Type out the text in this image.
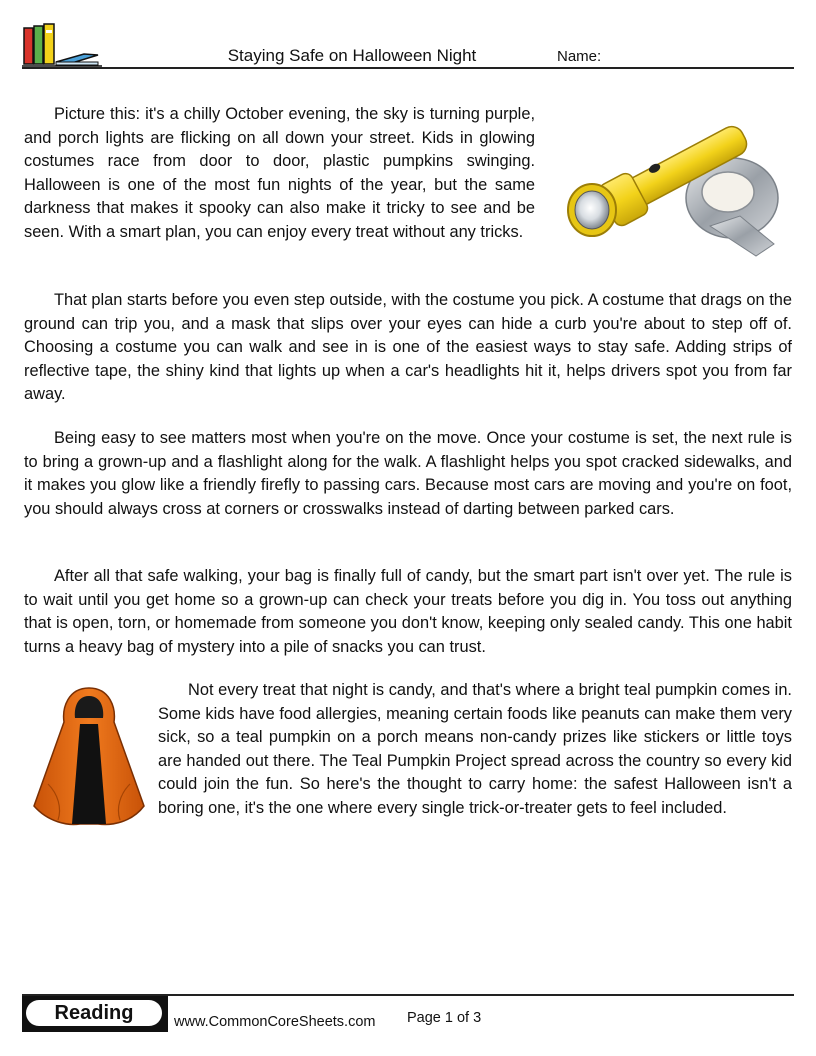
Staying Safe on Halloween Night	Name:

Picture this: it's a chilly October evening, the sky is turning purple, and porch lights are flicking on all down your street. Kids in glowing costumes race from door to door, plastic pumpkins swinging. Halloween is one of the most fun nights of the year, but the same darkness that makes it spooky can also make it tricky to see and be seen. With a smart plan, you can enjoy every treat without any tricks.

That plan starts before you even step outside, with the costume you pick. A costume that drags on the ground can trip you, and a mask that slips over your eyes can hide a curb you're about to step off of. Choosing a costume you can walk and see in is one of the easiest ways to stay safe. Adding strips of reflective tape, the shiny kind that lights up when a car's headlights hit it, helps drivers spot you from far away.

Being easy to see matters most when you're on the move. Once your costume is set, the next rule is to bring a grown-up and a flashlight along for the walk. A flashlight helps you spot cracked sidewalks, and it makes you glow like a friendly firefly to passing cars. Because most cars are moving and you're on foot, you should always cross at corners or crosswalks instead of darting between parked cars.

After all that safe walking, your bag is finally full of candy, but the smart part isn't over yet. The rule is to wait until you get home so a grown-up can check your treats before you dig in. You toss out anything that is open, torn, or homemade from someone you don't know, keeping only sealed candy. This one habit turns a heavy bag of mystery into a pile of snacks you can trust.

Not every treat that night is candy, and that's where a bright teal pumpkin comes in. Some kids have food allergies, meaning certain foods like peanuts can make them very sick, so a teal pumpkin on a porch means non-candy prizes like stickers or little toys are handed out there. The Teal Pumpkin Project spread across the country so every kid could join the fun. So here's the thought to carry home: the safest Halloween isn't a boring one, it's the one where every single trick-or-treater gets to feel included.

Reading	www.CommonCoreSheets.com Page 1 of 3
